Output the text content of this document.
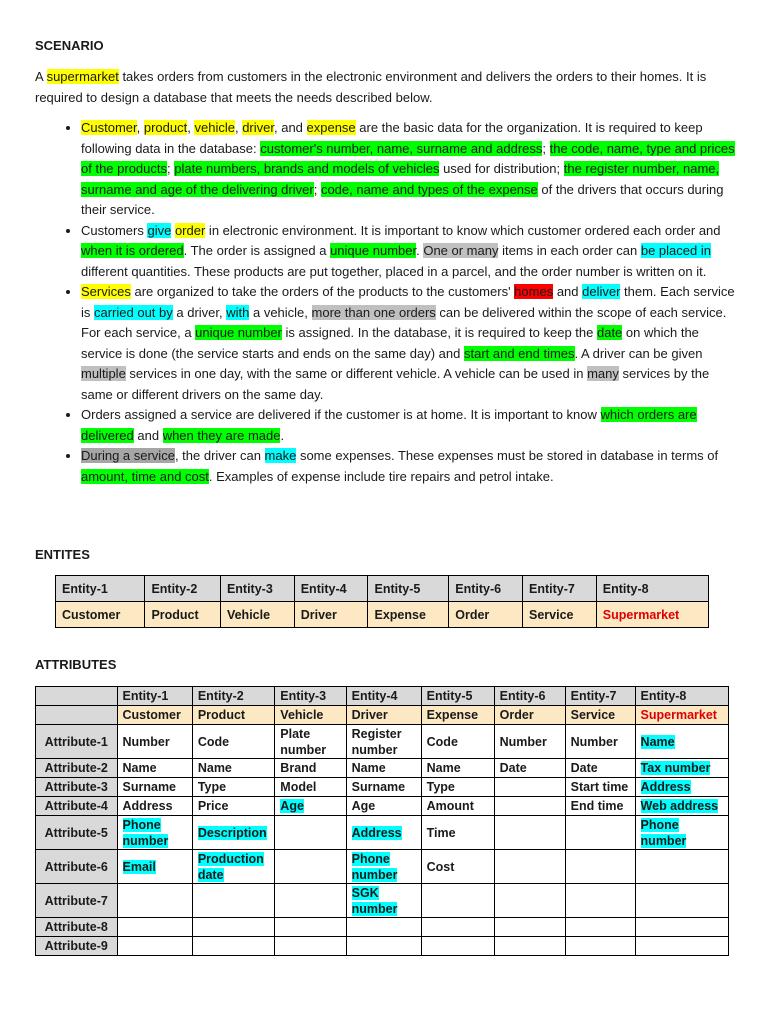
SCENARIO
A supermarket takes orders from customers in the electronic environment and delivers the orders to their homes. It is required to design a database that meets the needs described below.
• Customer, product, vehicle, driver, and expense are the basic data for the organization. It is required to keep following data in the database: customer's number, name, surname and address; the code, name, type and prices of the products; plate numbers, brands and models of vehicles used for distribution; the register number, name, surname and age of the delivering driver; code, name and types of the expense of the drivers that occurs during their service.
• Customers give order in electronic environment. It is important to know which customer ordered each order and when it is ordered. The order is assigned a unique number. One or many items in each order can be placed in different quantities. These products are put together, placed in a parcel, and the order number is written on it.
• Services are organized to take the orders of the products to the customers' homes and deliver them. Each service is carried out by a driver, with a vehicle, more than one orders can be delivered within the scope of each service. For each service, a unique number is assigned. In the database, it is required to keep the date on which the service is done (the service starts and ends on the same day) and start and end times. A driver can be given multiple services in one day, with the same or different vehicle. A vehicle can be used in many services by the same or different drivers on the same day.
• Orders assigned a service are delivered if the customer is at home. It is important to know which orders are delivered and when they are made.
• During a service, the driver can make some expenses. These expenses must be stored in database in terms of amount, time and cost. Examples of expense include tire repairs and petrol intake.
ENTITES
Entity-1	Entity-2	Entity-3	Entity-4	Entity-5	Entity-6	Entity-7	Entity-8
Customer	Product	Vehicle	Driver	Expense	Order	Service	Supermarket
ATTRIBUTES
	Entity-1	Entity-2	Entity-3	Entity-4	Entity-5	Entity-6	Entity-7	Entity-8
	Customer	Product	Vehicle	Driver	Expense	Order	Service	Supermarket
Attribute-1	Number	Code	Plate number	Register number	Code	Number	Number	Name
Attribute-2	Name	Name	Brand	Name	Name	Date	Date	Tax number
Attribute-3	Surname	Type	Model	Surname	Type		Start time	Address
Attribute-4	Address	Price	Age	Age	Amount		End time	Web address
Attribute-5	Phone number	Description		Address	Time			Phone number
Attribute-6	Email	Production date		Phone number	Cost			
Attribute-7				SGK number				
Attribute-8								
Attribute-9								
